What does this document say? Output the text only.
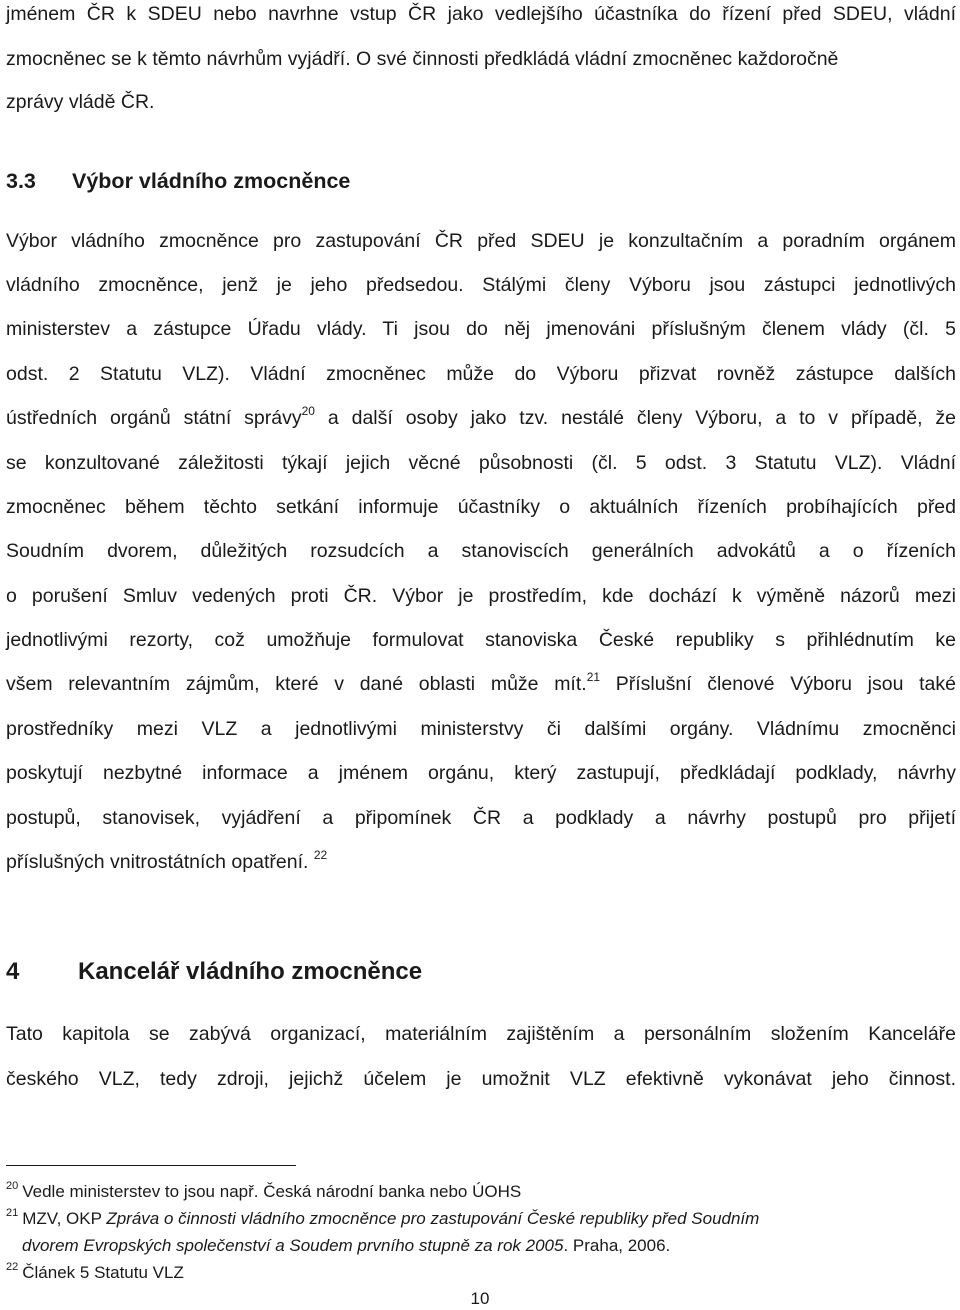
jménem ČR k SDEU nebo navrhne vstup ČR jako vedlejšího účastníka do řízení před SDEU, vládní
zmocněnec se k těmto návrhům vyjádří. O své činnosti předkládá vládní zmocněnec každoročně
zprávy vládě ČR.
3.3 Výbor vládního zmocněnce
Výbor vládního zmocněnce pro zastupování ČR před SDEU je konzultačním a poradním orgánem
vládního zmocněnce, jenž je jeho předsedou. Stálými členy Výboru jsou zástupci jednotlivých
ministerstev a zástupce Úřadu vlády. Ti jsou do něj jmenováni příslušným členem vlády (čl. 5
odst. 2 Statutu VLZ). Vládní zmocněnec může do Výboru přizvat rovněž zástupce dalších
ústředních orgánů státní správy$^{20}$ a další osoby jako tzv. nestálé členy Výboru, a to v případě, že
se konzultované záležitosti týkají jejich věcné působnosti (čl. 5 odst. 3 Statutu VLZ). Vládní
zmocněnec během těchto setkání informuje účastníky o aktuálních řízeních probíhajících před
Soudním dvorem, důležitých rozsudcích a stanoviscích generálních advokátů a o řízeních
o porušení Smluv vedených proti ČR. Výbor je prostředím, kde dochází k výměně názorů mezi
jednotlivými rezorty, což umožňuje formulovat stanoviska České republiky s přihlédnutím ke
všem relevantním zájmům, které v dané oblasti může mít.$^{21}$ Příslušní členové Výboru jsou také
prostředníky mezi VLZ a jednotlivými ministerstvy či dalšími orgány. Vládnímu zmocněnci
poskytují nezbytné informace a jménem orgánu, který zastupují, předkládají podklady, návrhy
postupů, stanovisek, vyjádření a připomínek ČR a podklady a návrhy postupů pro přijetí
příslušných vnitrostátních opatření. $^{22}$
4 Kancelář vládního zmocněnce
Tato kapitola se zabývá organizací, materiálním zajištěním a personálním složením Kanceláře
českého VLZ, tedy zdroji, jejichž účelem je umožnit VLZ efektivně vykonávat jeho činnost.
$^{20}$ Vedle ministerstev to jsou např. Česká národní banka nebo ÚOHS
$^{21}$ MZV, OKP Zpráva o činnosti vládního zmocněnce pro zastupování České republiky před Soudním
dvorem Evropských společenství a Soudem prvního stupně za rok 2005. Praha, 2006.
$^{22}$ Článek 5 Statutu VLZ
10
